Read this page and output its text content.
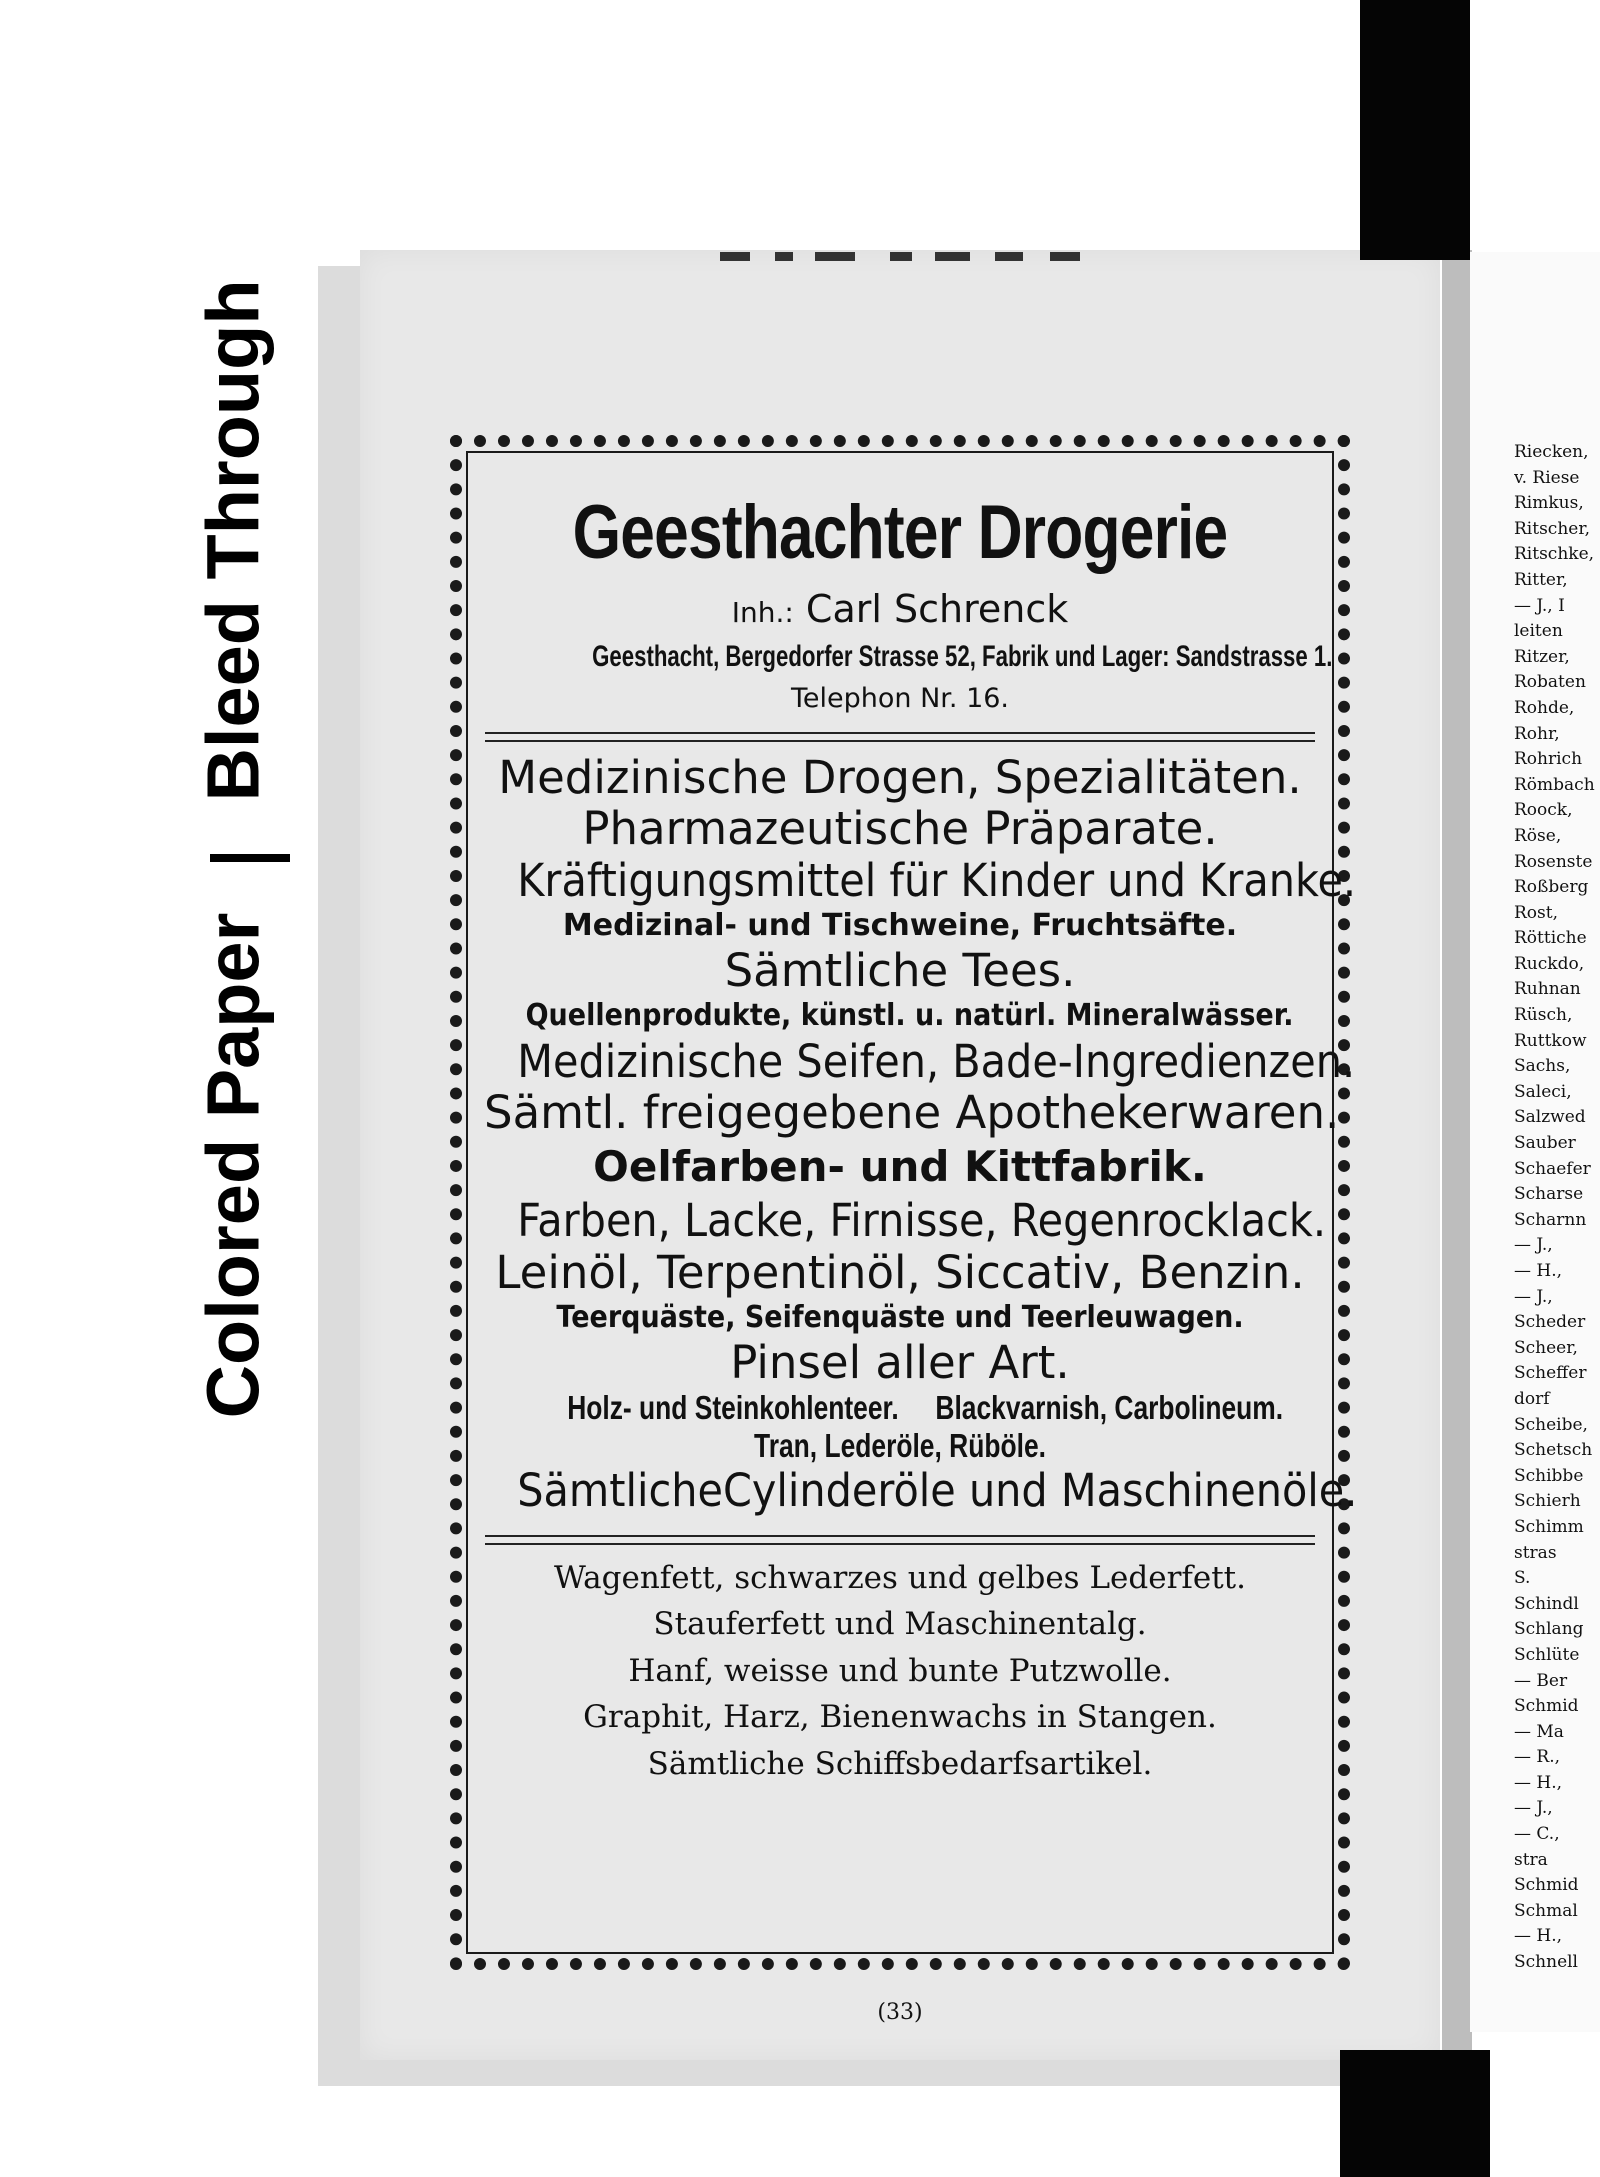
Bleed Through
Colored Paper
Geesthachter Drogerie
Inh.: Carl Schrenck
Geesthacht, Bergedorfer Strasse 52, Fabrik und Lager: Sandstrasse 1.
Telephon Nr. 16.
Medizinische Drogen, Spezialitäten.
Pharmazeutische Präparate.
Kräftigungsmittel für Kinder und Kranke.
Medizinal- und Tischweine, Fruchtsäfte.
Sämtliche Tees.
Quellenprodukte, künstl. u. natürl. Mineralwässer.
Medizinische Seifen, Bade-Ingredienzen.
Sämtl. freigegebene Apothekerwaren.
Oelfarben- und Kittfabrik.
Farben, Lacke, Firnisse, Regenrocklack.
Leinöl, Terpentinöl, Siccativ, Benzin.
Teerquäste, Seifenquäste und Teerleuwagen.
Pinsel aller Art.
Holz- und Steinkohlenteer. Blackvarnish, Carbolineum.
Tran, Lederöle, Rüböle.
SämtlicheCylinderöle und Maschinenöle.
Wagenfett, schwarzes und gelbes Lederfett.
Stauferfett und Maschinentalg.
Hanf, weisse und bunte Putzwolle.
Graphit, Harz, Bienenwachs in Stangen.
Sämtliche Schiffsbedarfsartikel.
(33)
Riecken,
v. Riese
Rimkus,
Ritscher,
Ritschke,
Ritter,
— J., I
leiten
Ritzer,
Robaten
Rohde,
Rohr,
Rohrich
Römbach
Roock,
Röse,
Rosenste
Roßberg
Rost,
Röttiche
Ruckdo,
Ruhnan
Rüsch,
Ruttkow
Sachs,
Saleci,
Salzwed
Sauber
Schaefer
Scharse
Scharnn
— J.,
— H.,
— J.,
Scheder
Scheer,
Scheffer
dorf
Scheibe,
Schetsch
Schibbe
Schierh
Schimm
stras
S.
Schindl
Schlang
Schlüte
— Ber
Schmid
— Ma
— R.,
— H.,
— J.,
— C.,
stra
Schmid
Schmal
— H.,
Schnell
